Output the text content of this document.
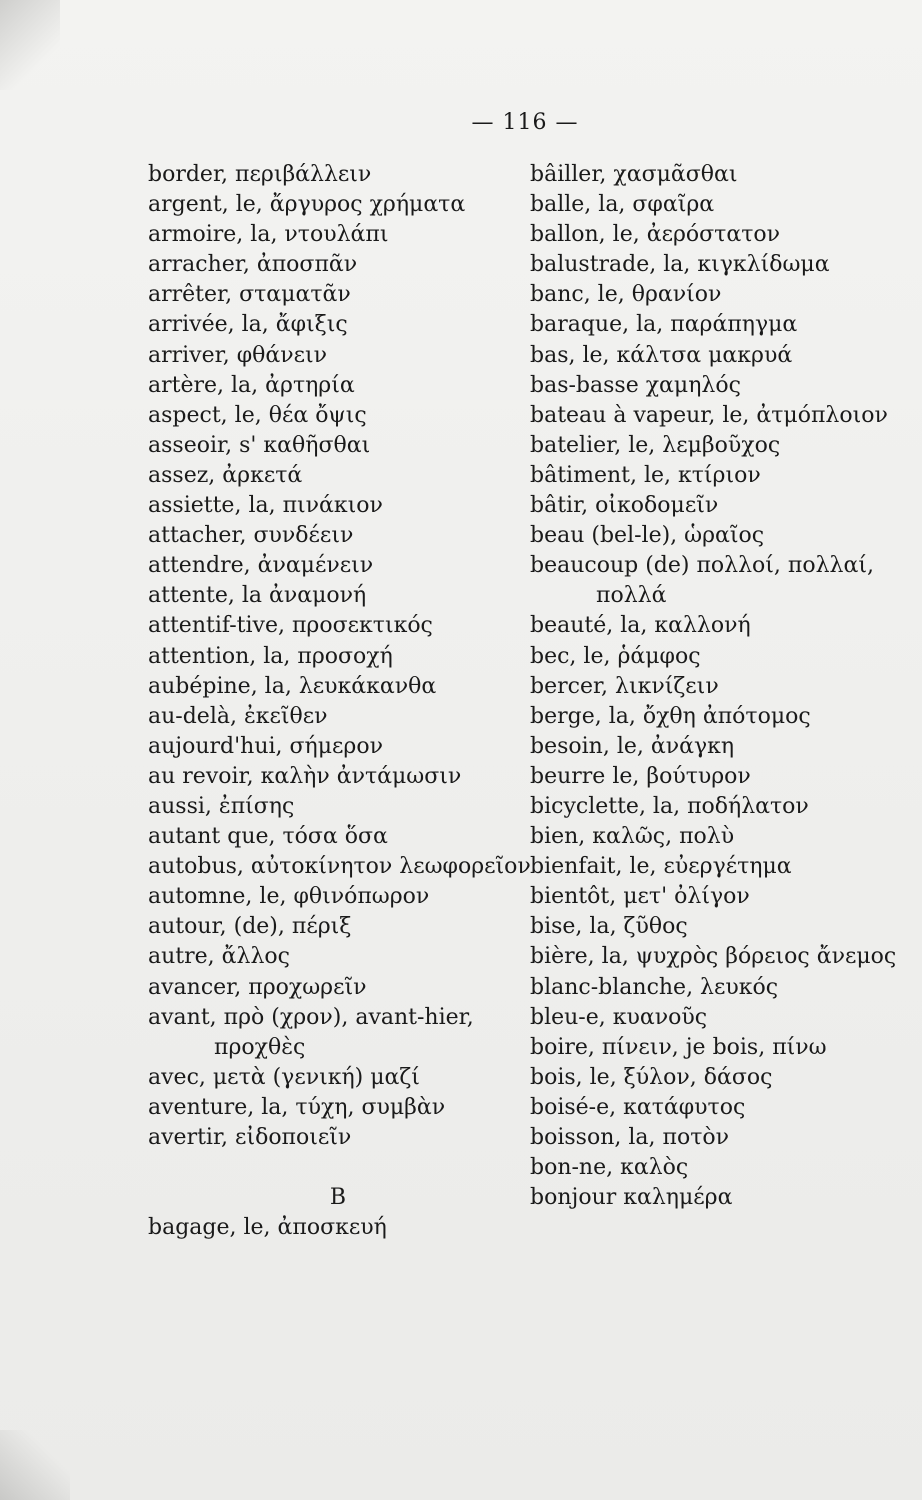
— 116 —
border, περιβάλλειν
argent, le, ἄργυρος χρήματα
armoire, la, ντουλάπι
arracher, ἀποσπᾶν
arrêter, σταματᾶν
arrivée, la, ἄφιξις
arriver, φθάνειν
artère, la, ἀρτηρία
aspect, le, θέα ὄψις
asseoir, s' καθῆσθαι
assez, ἀρκετά
assiette, la, πινάκιον
attacher, συνδέειν
attendre, ἀναμένειν
attente, la ἀναμονή
attentif-tive, προσεκτικός
attention, la, προσοχή
aubépine, la, λευκάκανθα
au-delà, ἐκεῖθεν
aujourd'hui, σήμερον
au revoir, καλὴν ἀντάμωσιν
aussi, ἐπίσης
autant que, τόσα ὅσα
autobus, αὐτοκίνητον λεωφορεῖον
automne, le, φθινόπωρον
autour, (de), πέριξ
autre, ἄλλος
avancer, προχωρεῖν
avant, πρὸ (χρον), avant-hier,
προχθὲς
avec, μετὰ (γενική) μαζί
aventure, la, τύχη, συμβὰν
avertir, εἰδοποιεῖν
B
bagage, le, ἀποσκευή
bâiller, χασμᾶσθαι
balle, la, σφαῖρα
ballon, le, ἀερόστατον
balustrade, la, κιγκλίδωμα
banc, le, θρανίον
baraque, la, παράπηγμα
bas, le, κάλτσα μακρυά
bas-basse χαμηλός
bateau à vapeur, le, ἀτμόπλοιον
batelier, le, λεμβοῦχος
bâtiment, le, κτίριον
bâtir, οἰκοδομεῖν
beau (bel-le), ὡραῖος
beaucoup (de) πολλοί, πολλαί,
πολλά
beauté, la, καλλονή
bec, le, ῥάμφος
bercer, λικνίζειν
berge, la, ὄχθη ἀπότομος
besoin, le, ἀνάγκη
beurre le, βούτυρον
bicyclette, la, ποδήλατον
bien, καλῶς, πολὺ
bienfait, le, εὐεργέτημα
bientôt, μετ' ὀλίγον
bise, la, ζῦθος
bière, la, ψυχρὸς βόρειος ἄνεμος
blanc-blanche, λευκός
bleu-e, κυανοῦς
boire, πίνειν, je bois, πίνω
bois, le, ξύλον, δάσος
boisé-e, κατάφυτος
boisson, la, ποτὸν
bon-ne, καλὸς
bonjour καλημέρα
